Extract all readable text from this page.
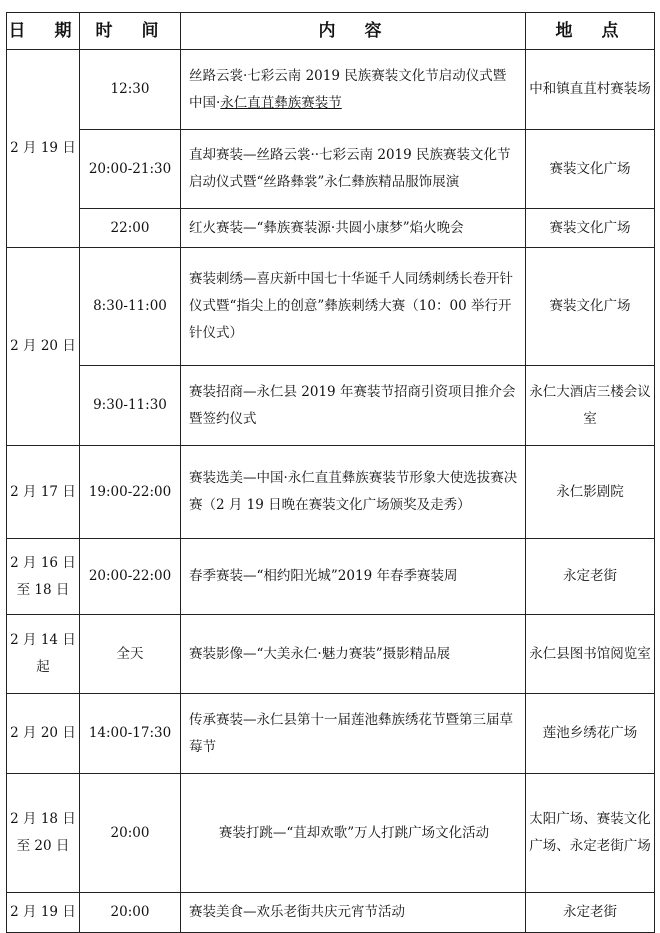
日　期	时　间	内　容	地　点
2 月 19 日	12:30	丝路云裳·七彩云南 2019 民族赛装文化节启动仪式暨中国·永仁直苴彝族赛装节	中和镇直苴村赛装场
	20:00-21:30	直却赛装—丝路云裳··七彩云南 2019 民族赛装文化节启动仪式暨“丝路彝裳”永仁彝族精品服饰展演	赛装文化广场
	22:00	红火赛装—“彝族赛装源·共圆小康梦”焰火晚会	赛装文化广场
2 月 20 日	8:30-11:00	赛装刺绣—喜庆新中国七十华诞千人同绣刺绣长卷开针仪式暨“指尖上的创意”彝族刺绣大赛（10：00 举行开针仪式）	赛装文化广场
	9:30-11:30	赛装招商—永仁县 2019 年赛装节招商引资项目推介会暨签约仪式	永仁大酒店三楼会议室
2 月 17 日	19:00-22:00	赛装选美—中国·永仁直苴彝族赛装节形象大使选拔赛决赛（2 月 19 日晚在赛装文化广场颁奖及走秀）	永仁影剧院
2 月 16 日至 18 日	20:00-22:00	春季赛装—“相约阳光城”2019 年春季赛装周	永定老街
2 月 14 日起	全天	赛装影像—“大美永仁·魅力赛装”摄影精品展	永仁县图书馆阅览室
2 月 20 日	14:00-17:30	传承赛装—永仁县第十一届莲池彝族绣花节暨第三届草莓节	莲池乡绣花广场
2 月 18 日至 20 日	20:00	赛装打跳—“苴却欢歌”万人打跳广场文化活动	太阳广场、赛装文化广场、永定老街广场
2 月 19 日	20:00	赛装美食—欢乐老街共庆元宵节活动	永定老街
